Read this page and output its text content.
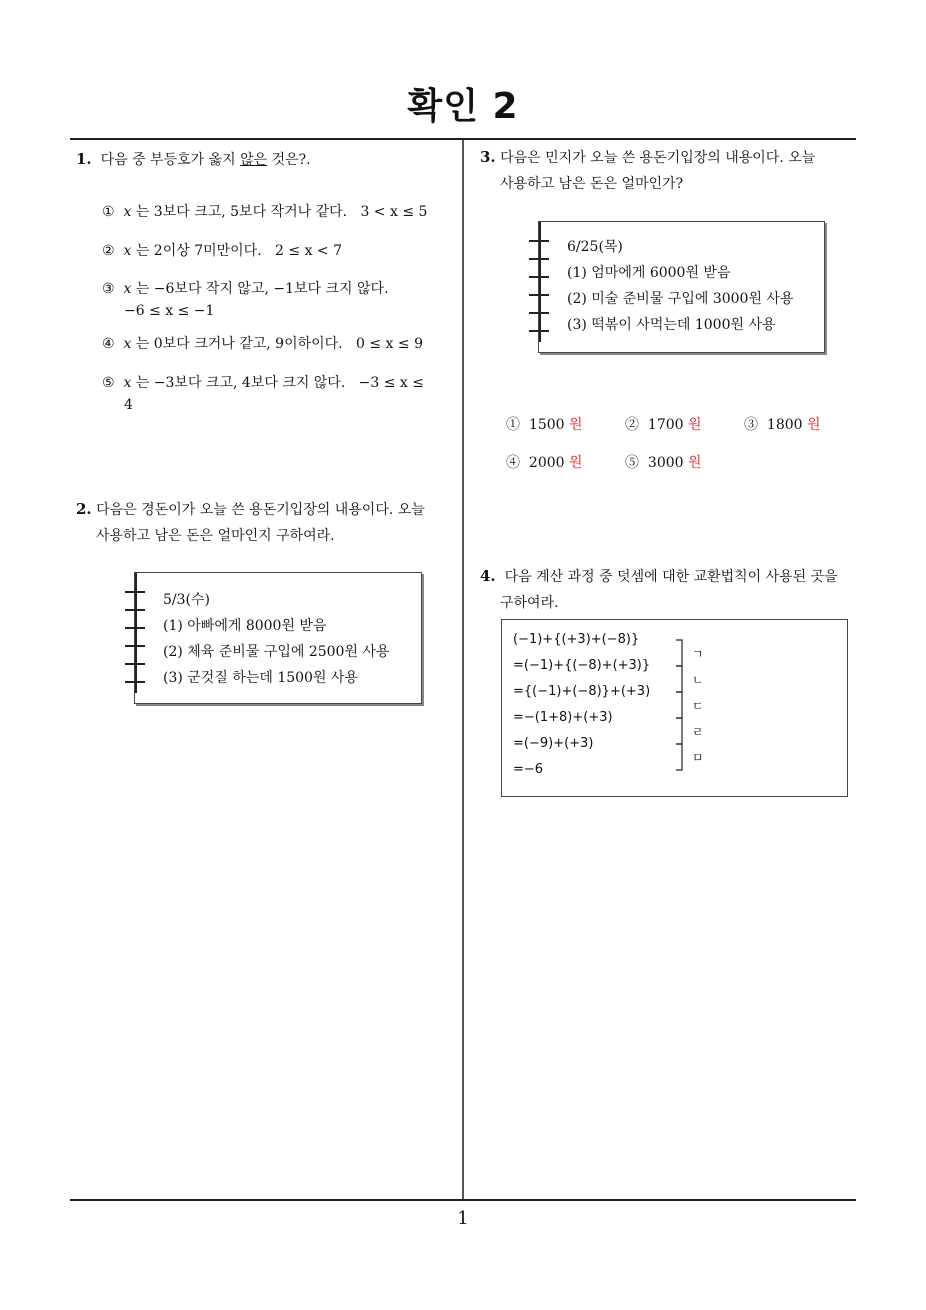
확인 2
1. 다음 중 부등호가 옳지 않은 것은?.
① x 는 3보다 크고, 5보다 작거나 같다. 3 < x ≤ 5
② x 는 2이상 7미만이다. 2 ≤ x < 7
③ x 는 −6보다 작지 않고, −1보다 크지 않다.
−6 ≤ x ≤ −1
④ x 는 0보다 크거나 같고, 9이하이다. 0 ≤ x ≤ 9
⑤ x 는 −3보다 크고, 4보다 크지 않다. −3 ≤ x ≤
4
2. 다음은 경돈이가 오늘 쓴 용돈기입장의 내용이다. 오늘
사용하고 남은 돈은 얼마인지 구하여라.
5/3(수)
(1) 아빠에게 8000원 받음
(2) 체육 준비물 구입에 2500원 사용
(3) 군것질 하는데 1500원 사용
3. 다음은 민지가 오늘 쓴 용돈기입장의 내용이다. 오늘
사용하고 남은 돈은 얼마인가?
6/25(목)
(1) 엄마에게 6000원 받음
(2) 미술 준비물 구입에 3000원 사용
(3) 떡볶이 사먹는데 1000원 사용
① 1500 원	② 1700 원	③ 1800 원
④ 2000 원	⑤ 3000 원
4. 다음 계산 과정 중 덧셈에 대한 교환법칙이 사용된 곳을
구하여라.
(−1)+{(+3)+(−8)}
=(−1)+{(−8)+(+3)}
={(−1)+(−8)}+(+3)
=−(1+8)+(+3)
=(−9)+(+3)
=−6
ㄱ
ㄴ
ㄷ
ㄹ
ㅁ
1
